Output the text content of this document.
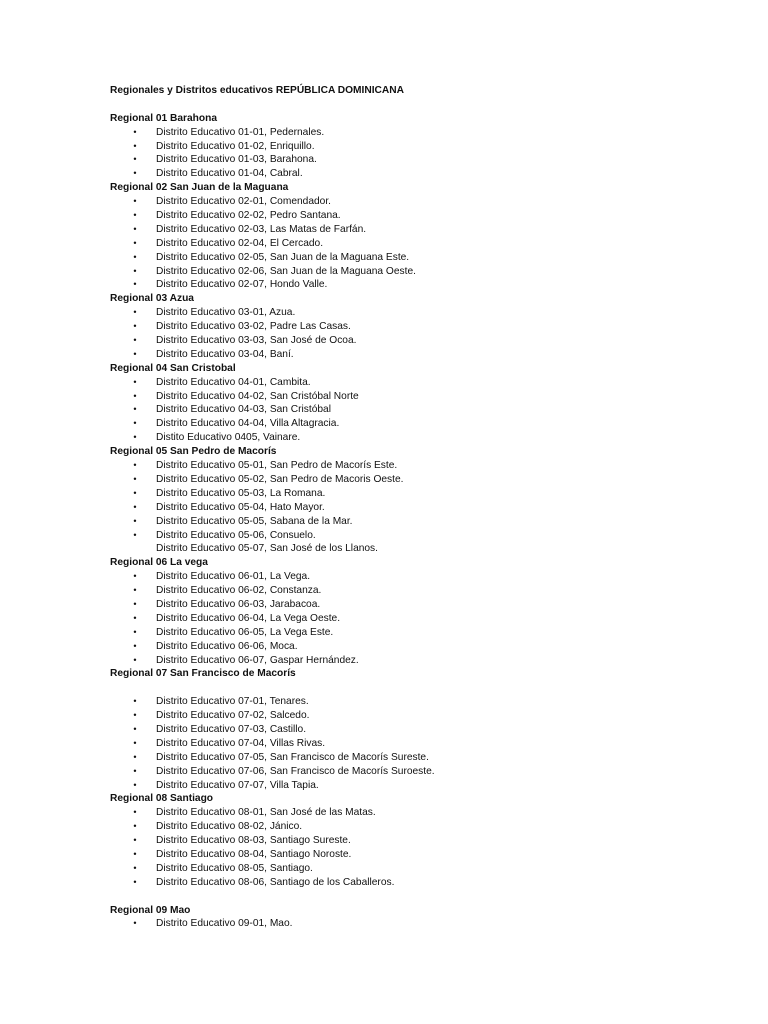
Regionales y Distritos educativos REPÚBLICA DOMINICANA
Regional 01 Barahona
•	Distrito Educativo 01-01, Pedernales.
•	Distrito Educativo 01-02, Enriquillo.
•	Distrito Educativo 01-03, Barahona.
•	Distrito Educativo 01-04, Cabral.
Regional 02 San Juan de la Maguana
•	Distrito Educativo 02-01, Comendador.
•	Distrito Educativo 02-02, Pedro Santana.
•	Distrito Educativo 02-03, Las Matas de Farfán.
•	Distrito Educativo 02-04, El Cercado.
•	Distrito Educativo 02-05, San Juan de la Maguana Este.
•	Distrito Educativo 02-06, San Juan de la Maguana Oeste.
•	Distrito Educativo 02-07, Hondo Valle.
Regional 03 Azua
•	Distrito Educativo 03-01, Azua.
•	Distrito Educativo 03-02, Padre Las Casas.
•	Distrito Educativo 03-03, San José de Ocoa.
•	Distrito Educativo 03-04, Baní.
Regional 04 San Cristobal
•	Distrito Educativo 04-01, Cambita.
•	Distrito Educativo 04-02, San Cristóbal Norte
•	Distrito Educativo 04-03, San Cristóbal
•	Distrito Educativo 04-04, Villa Altagracia.
•	Distito Educativo 0405, Vainare.
Regional 05 San Pedro de Macorís
•	Distrito Educativo 05-01, San Pedro de Macorís Este.
•	Distrito Educativo 05-02, San Pedro de Macoris Oeste.
•	Distrito Educativo 05-03, La Romana.
•	Distrito Educativo 05-04, Hato Mayor.
•	Distrito Educativo 05-05, Sabana de la Mar.
•	Distrito Educativo 05-06, Consuelo.
Distrito Educativo 05-07, San José de los Llanos.
Regional 06 La vega
•	Distrito Educativo 06-01, La Vega.
•	Distrito Educativo 06-02, Constanza.
•	Distrito Educativo 06-03, Jarabacoa.
•	Distrito Educativo 06-04, La Vega Oeste.
•	Distrito Educativo 06-05, La Vega Este.
•	Distrito Educativo 06-06, Moca.
•	Distrito Educativo 06-07, Gaspar Hernández.
Regional 07 San Francisco de Macorís
•	Distrito Educativo 07-01, Tenares.
•	Distrito Educativo 07-02, Salcedo.
•	Distrito Educativo 07-03, Castillo.
•	Distrito Educativo 07-04, Villas Rivas.
•	Distrito Educativo 07-05, San Francisco de Macorís Sureste.
•	Distrito Educativo 07-06, San Francisco de Macorís Suroeste.
•	Distrito Educativo 07-07, Villa Tapia.
Regional 08 Santiago
•	Distrito Educativo 08-01, San José de las Matas.
•	Distrito Educativo 08-02, Jánico.
•	Distrito Educativo 08-03, Santiago Sureste.
•	Distrito Educativo 08-04, Santiago Noroste.
•	Distrito Educativo 08-05, Santiago.
•	Distrito Educativo 08-06, Santiago de los Caballeros.
Regional 09 Mao
•	Distrito Educativo 09-01, Mao.
